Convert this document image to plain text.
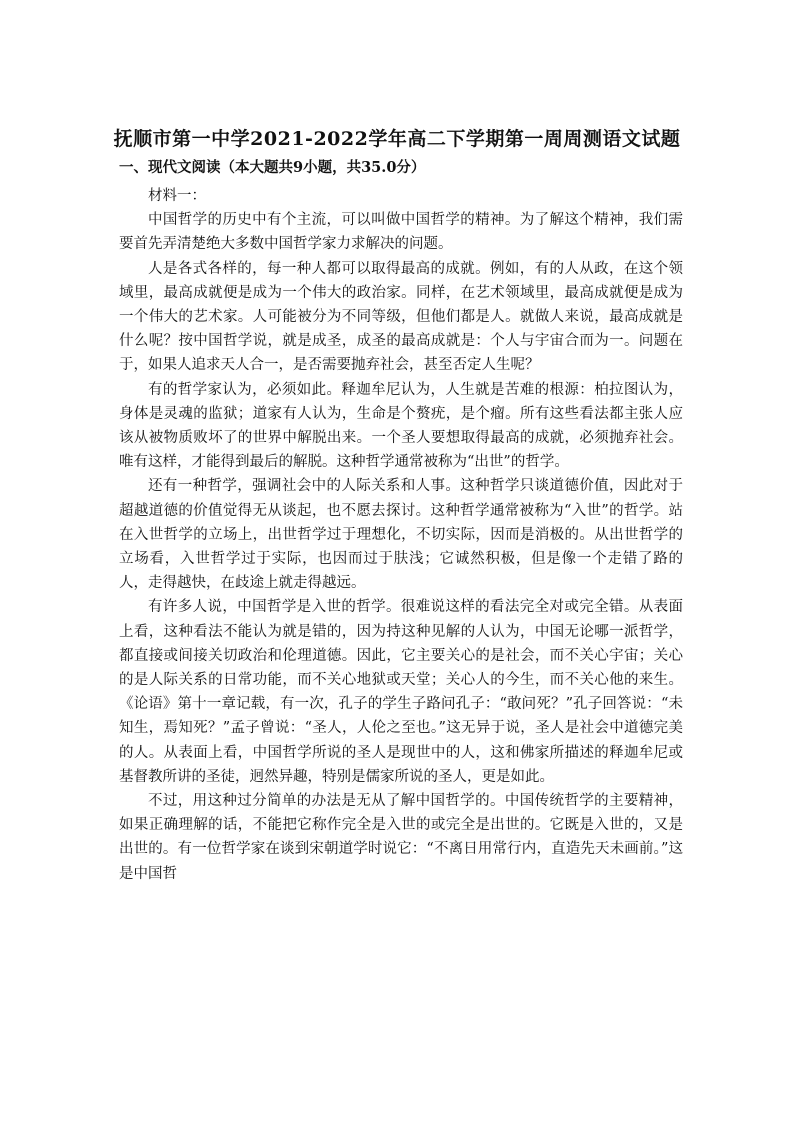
抚顺市第一中学2021-2022学年高二下学期第一周周测语文试题
一、现代文阅读（本大题共9小题，共35.0分）

材料一：

中国哲学的历史中有个主流，可以叫做中国哲学的精神。为了解这个精神，我们需要首先弄清楚绝大多数中国哲学家力求解决的问题。

人是各式各样的，每一种人都可以取得最高的成就。例如，有的人从政，在这个领域里，最高成就便是成为一个伟大的政治家。同样，在艺术领域里，最高成就便是成为一个伟大的艺术家。人可能被分为不同等级，但他们都是人。就做人来说，最高成就是什么呢？按中国哲学说，就是成圣，成圣的最高成就是：个人与宇宙合而为一。问题在于，如果人追求天人合一，是否需要抛弃社会，甚至否定人生呢？

有的哲学家认为，必须如此。释迦牟尼认为，人生就是苦难的根源：柏拉图认为，身体是灵魂的监狱；道家有人认为，生命是个赘疣，是个瘤。所有这些看法都主张人应该从被物质败坏了的世界中解脱出来。一个圣人要想取得最高的成就，必须抛弃社会。唯有这样，才能得到最后的解脱。这种哲学通常被称为“出世”的哲学。

还有一种哲学，强调社会中的人际关系和人事。这种哲学只谈道德价值，因此对于超越道德的价值觉得无从谈起，也不愿去探讨。这种哲学通常被称为“入世”的哲学。站在入世哲学的立场上，出世哲学过于理想化，不切实际，因而是消极的。从出世哲学的立场看，入世哲学过于实际，也因而过于肤浅；它诚然积极，但是像一个走错了路的人，走得越快，在歧途上就走得越远。

有许多人说，中国哲学是入世的哲学。很难说这样的看法完全对或完全错。从表面上看，这种看法不能认为就是错的，因为持这种见解的人认为，中国无论哪一派哲学，都直接或间接关切政治和伦理道德。因此，它主要关心的是社会，而不关心宇宙；关心的是人际关系的日常功能，而不关心地狱或天堂；关心人的今生，而不关心他的来生。《论语》第十一章记载，有一次，孔子的学生子路问孔子：“敢问死？”孔子回答说：“未知生，焉知死？”孟子曾说：“圣人，人伦之至也。”这无异于说，圣人是社会中道德完美的人。从表面上看，中国哲学所说的圣人是现世中的人，这和佛家所描述的释迦牟尼或基督教所讲的圣徒，迥然异趣，特别是儒家所说的圣人，更是如此。

不过，用这种过分简单的办法是无从了解中国哲学的。中国传统哲学的主要精神，如果正确理解的话，不能把它称作完全是入世的或完全是出世的。它既是入世的，又是出世的。有一位哲学家在谈到宋朝道学时说它：“不离日用常行内，直造先天未画前。”这是中国哲
